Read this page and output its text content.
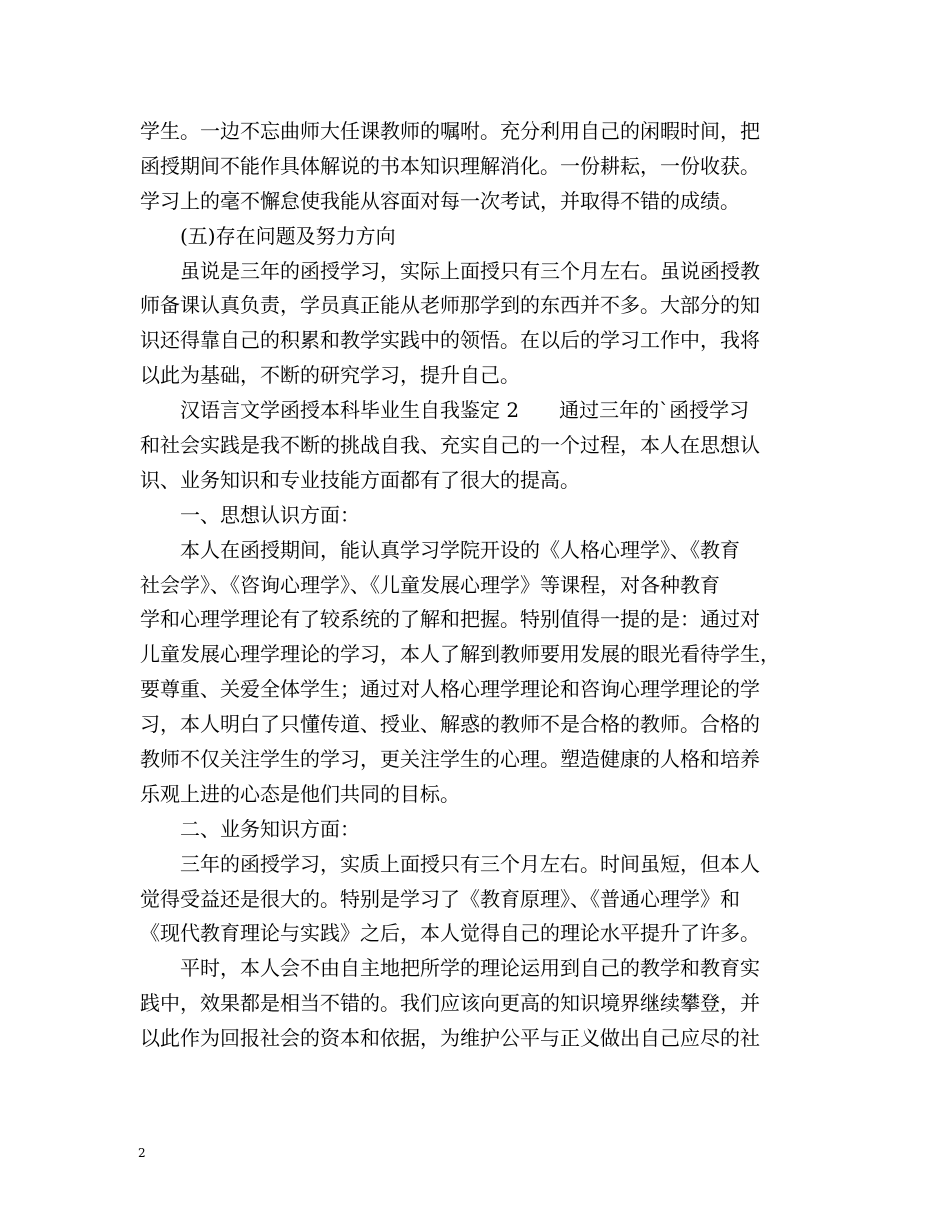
学生。一边不忘曲师大任课教师的嘱咐。充分利用自己的闲暇时间，把
函授期间不能作具体解说的书本知识理解消化。一份耕耘，一份收获。
学习上的毫不懈怠使我能从容面对每一次考试，并取得不错的成绩。
(五)存在问题及努力方向
虽说是三年的函授学习，实际上面授只有三个月左右。虽说函授教
师备课认真负责，学员真正能从老师那学到的东西并不多。大部分的知
识还得靠自己的积累和教学实践中的领悟。在以后的学习工作中，我将
以此为基础，不断的研究学习，提升自己。
汉语言文学函授本科毕业生自我鉴定 2　　通过三年的`函授学习
和社会实践是我不断的挑战自我、充实自己的一个过程，本人在思想认
识、业务知识和专业技能方面都有了很大的提高。
一、思想认识方面：
本人在函授期间，能认真学习学院开设的《人格心理学》、《教育
社会学》、《咨询心理学》、《儿童发展心理学》等课程，对各种教育
学和心理学理论有了较系统的了解和把握。特别值得一提的是：通过对
儿童发展心理学理论的学习，本人了解到教师要用发展的眼光看待学生，
要尊重、关爱全体学生；通过对人格心理学理论和咨询心理学理论的学
习，本人明白了只懂传道、授业、解惑的教师不是合格的教师。合格的
教师不仅关注学生的学习，更关注学生的心理。塑造健康的人格和培养
乐观上进的心态是他们共同的目标。
二、业务知识方面：
三年的函授学习，实质上面授只有三个月左右。时间虽短，但本人
觉得受益还是很大的。特别是学习了《教育原理》、《普通心理学》和
《现代教育理论与实践》之后，本人觉得自己的理论水平提升了许多。
平时，本人会不由自主地把所学的理论运用到自己的教学和教育实
践中，效果都是相当不错的。我们应该向更高的知识境界继续攀登，并
以此作为回报社会的资本和依据，为维护公平与正义做出自己应尽的社
2
